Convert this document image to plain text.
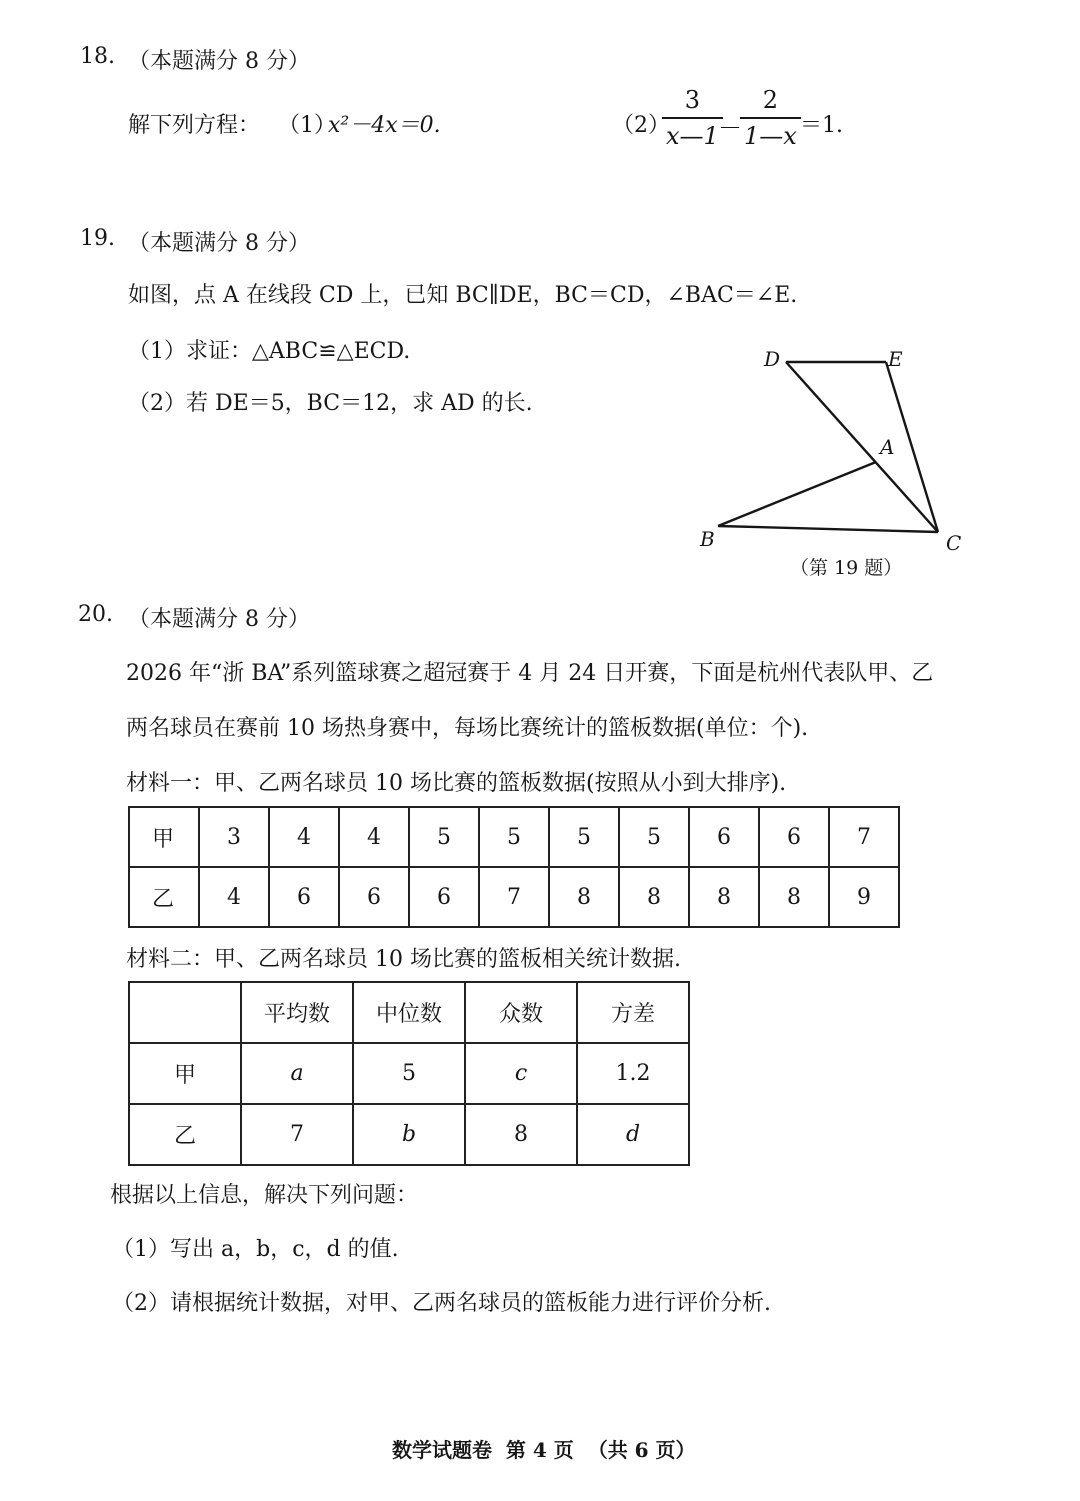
18. （本题满分 8 分）
解下列方程： （1）
x²－4x＝0.	（2）
3
x—1 －
2
1—x ＝1.
19. （本题满分 8 分）
如图，点 A 在线段 CD 上，已知 BC∥DE，BC＝CD，∠BAC＝∠E.
（1）求证：△ABC≌△ECD.
（2）若 DE＝5，BC＝12，求 AD 的长.
D	E
A
B	C
（第 19 题）
20. （本题满分 8 分）
2026 年“浙 BA”系列篮球赛之超冠赛于 4 月 24 日开赛，下面是杭州代表队甲、乙
两名球员在赛前 10 场热身赛中，每场比赛统计的篮板数据(单位：个).
材料一：甲、乙两名球员 10 场比赛的篮板数据(按照从小到大排序).
甲	3	4	4	5	5	5	5	6	6	7
乙	4	6	6	6	7	8	8	8	8	9
材料二：甲、乙两名球员 10 场比赛的篮板相关统计数据.
	平均数	中位数	众数	方差
甲	a	5	c	1.2
乙	7	b	8	d
根据以上信息，解决下列问题：
（1）写出 a，b，c，d 的值.
（2）请根据统计数据，对甲、乙两名球员的篮板能力进行评价分析.
数学试题卷  第 4 页  （共 6 页）
